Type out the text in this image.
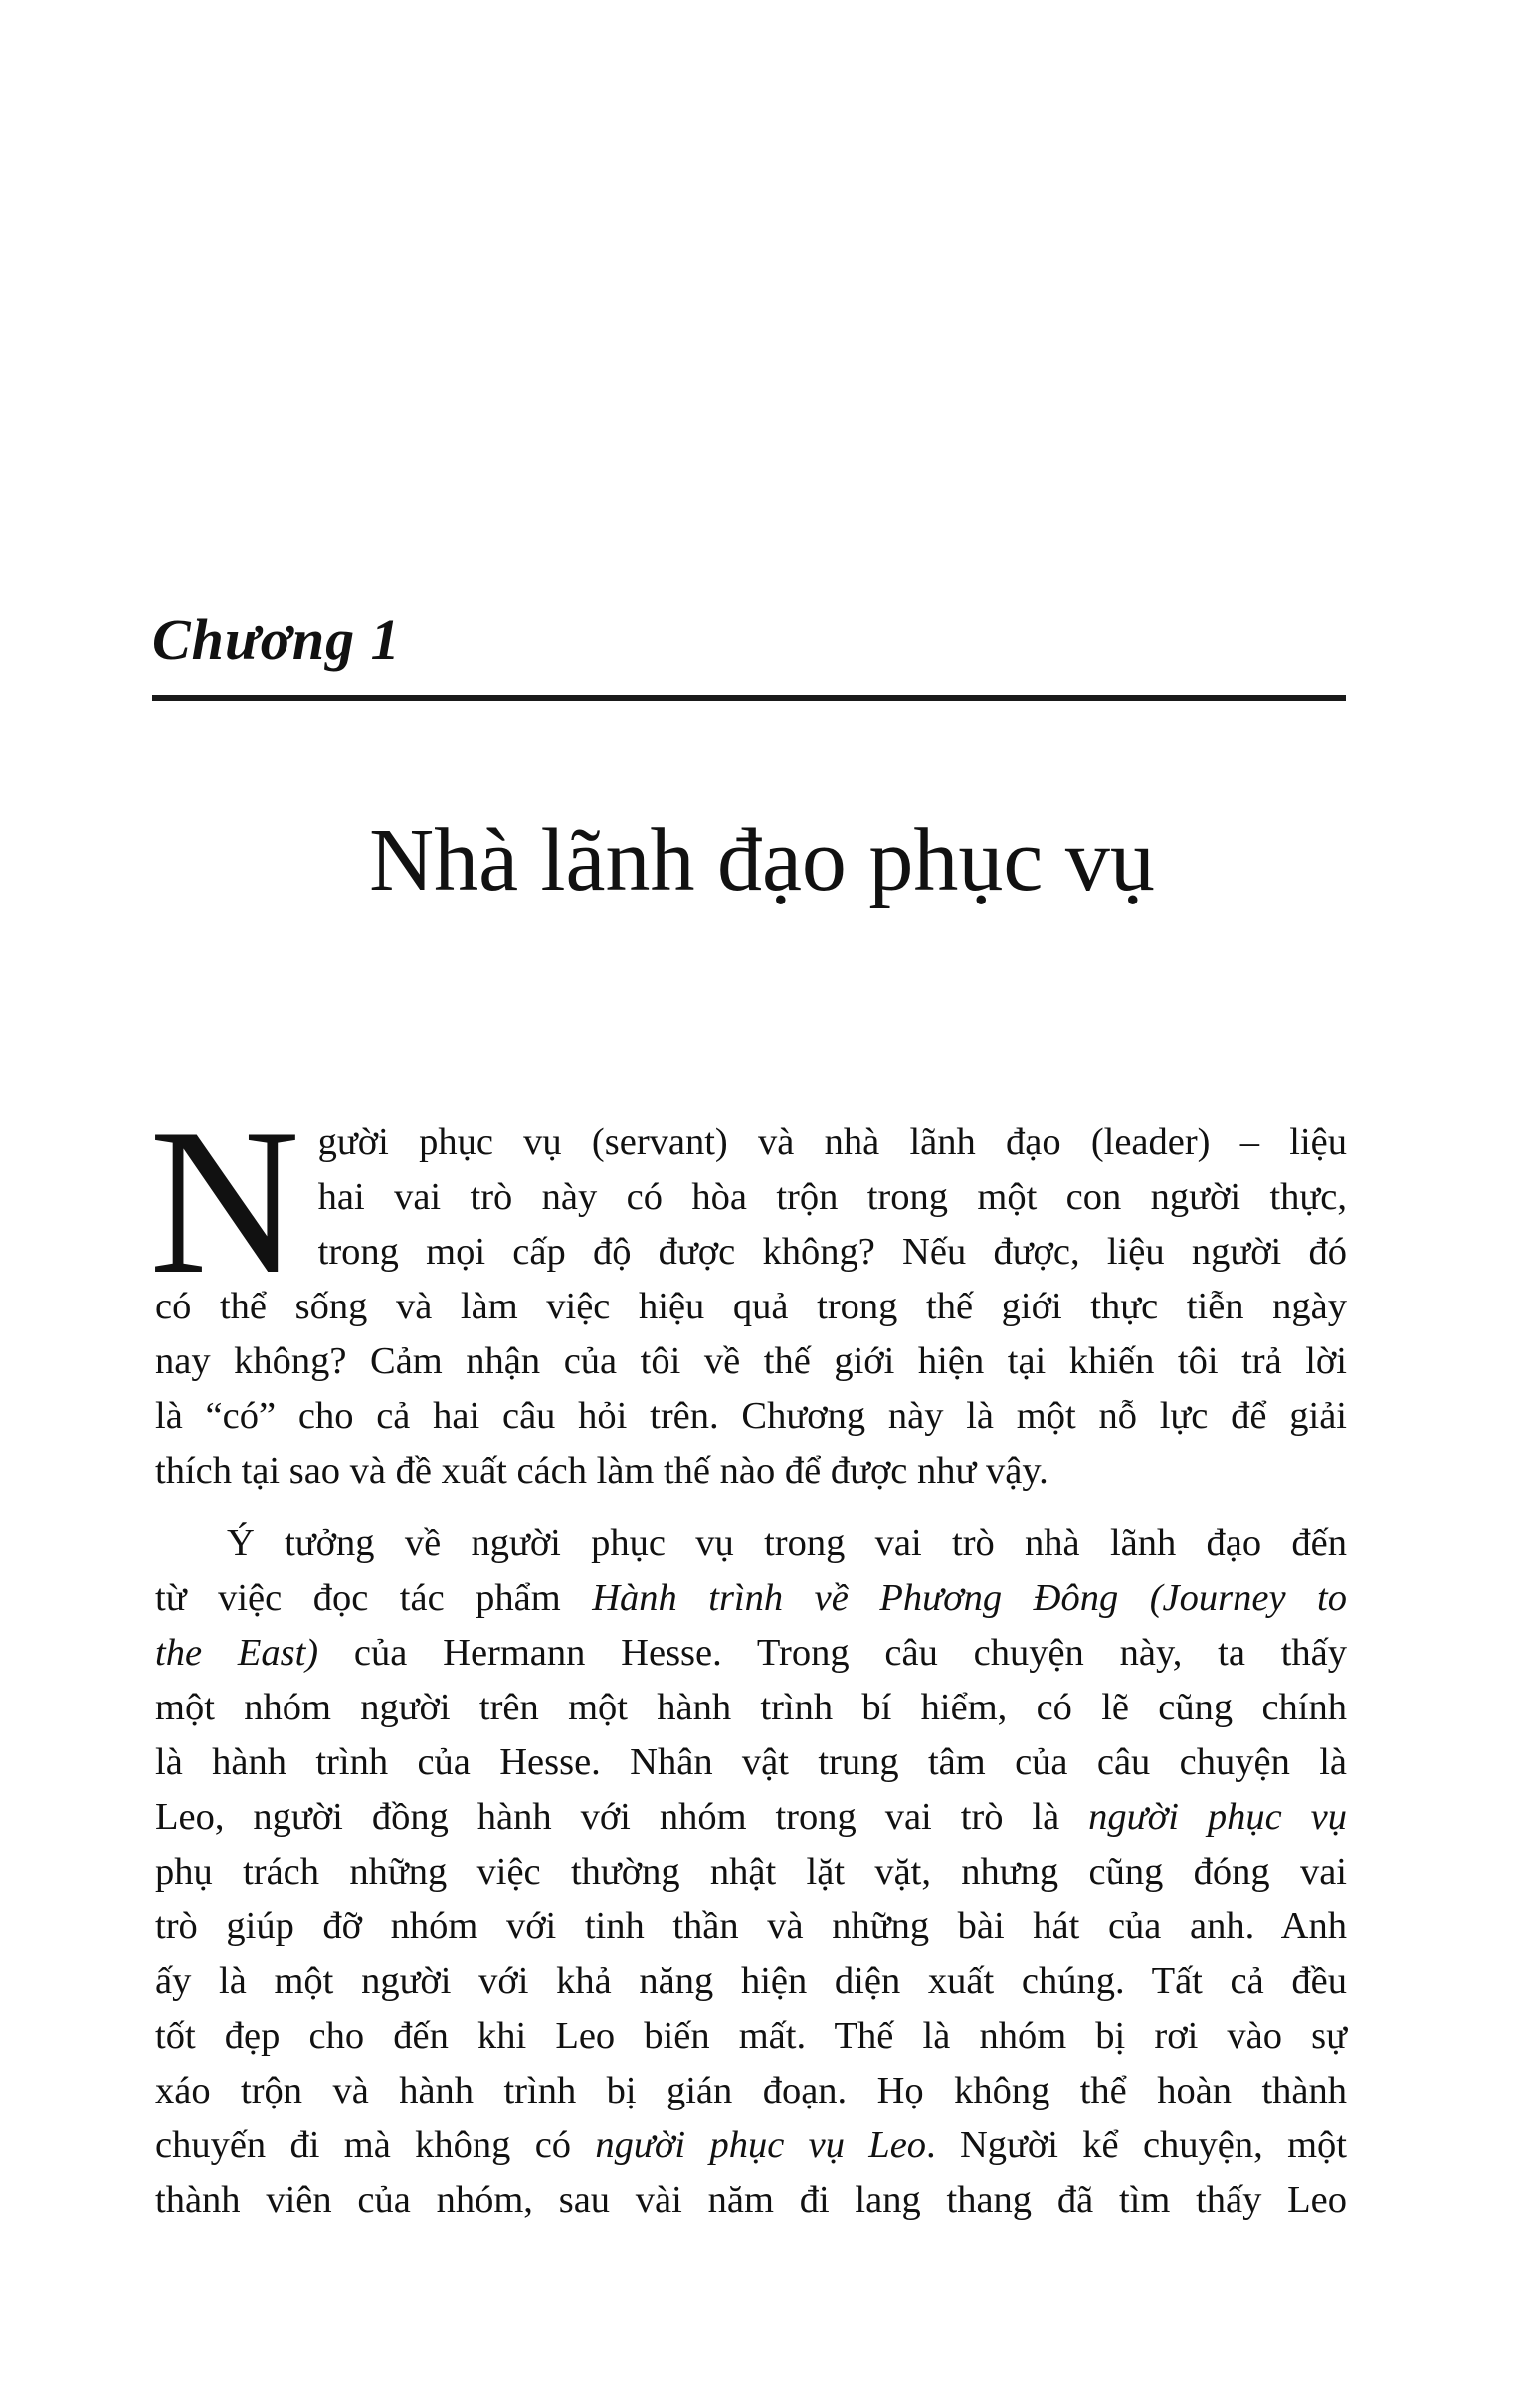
Chương 1
Nhà lãnh đạo phục vụ
N gười phục vụ (servant) và nhà lãnh đạo (leader) – liệu
hai vai trò này có hòa trộn trong một con người thực,
trong mọi cấp độ được không? Nếu được, liệu người đó
có thể sống và làm việc hiệu quả trong thế giới thực tiễn ngày
nay không? Cảm nhận của tôi về thế giới hiện tại khiến tôi trả lời
là “có” cho cả hai câu hỏi trên. Chương này là một nỗ lực để giải
thích tại sao và đề xuất cách làm thế nào để được như vậy.
Ý tưởng về người phục vụ trong vai trò nhà lãnh đạo đến
từ việc đọc tác phẩm Hành trình về Phương Đông (Journey to
the East) của Hermann Hesse. Trong câu chuyện này, ta thấy
một nhóm người trên một hành trình bí hiểm, có lẽ cũng chính
là hành trình của Hesse. Nhân vật trung tâm của câu chuyện là
Leo, người đồng hành với nhóm trong vai trò là người phục vụ
phụ trách những việc thường nhật lặt vặt, nhưng cũng đóng vai
trò giúp đỡ nhóm với tinh thần và những bài hát của anh. Anh
ấy là một người với khả năng hiện diện xuất chúng. Tất cả đều
tốt đẹp cho đến khi Leo biến mất. Thế là nhóm bị rơi vào sự
xáo trộn và hành trình bị gián đoạn. Họ không thể hoàn thành
chuyến đi mà không có người phục vụ Leo. Người kể chuyện, một
thành viên của nhóm, sau vài năm đi lang thang đã tìm thấy Leo
